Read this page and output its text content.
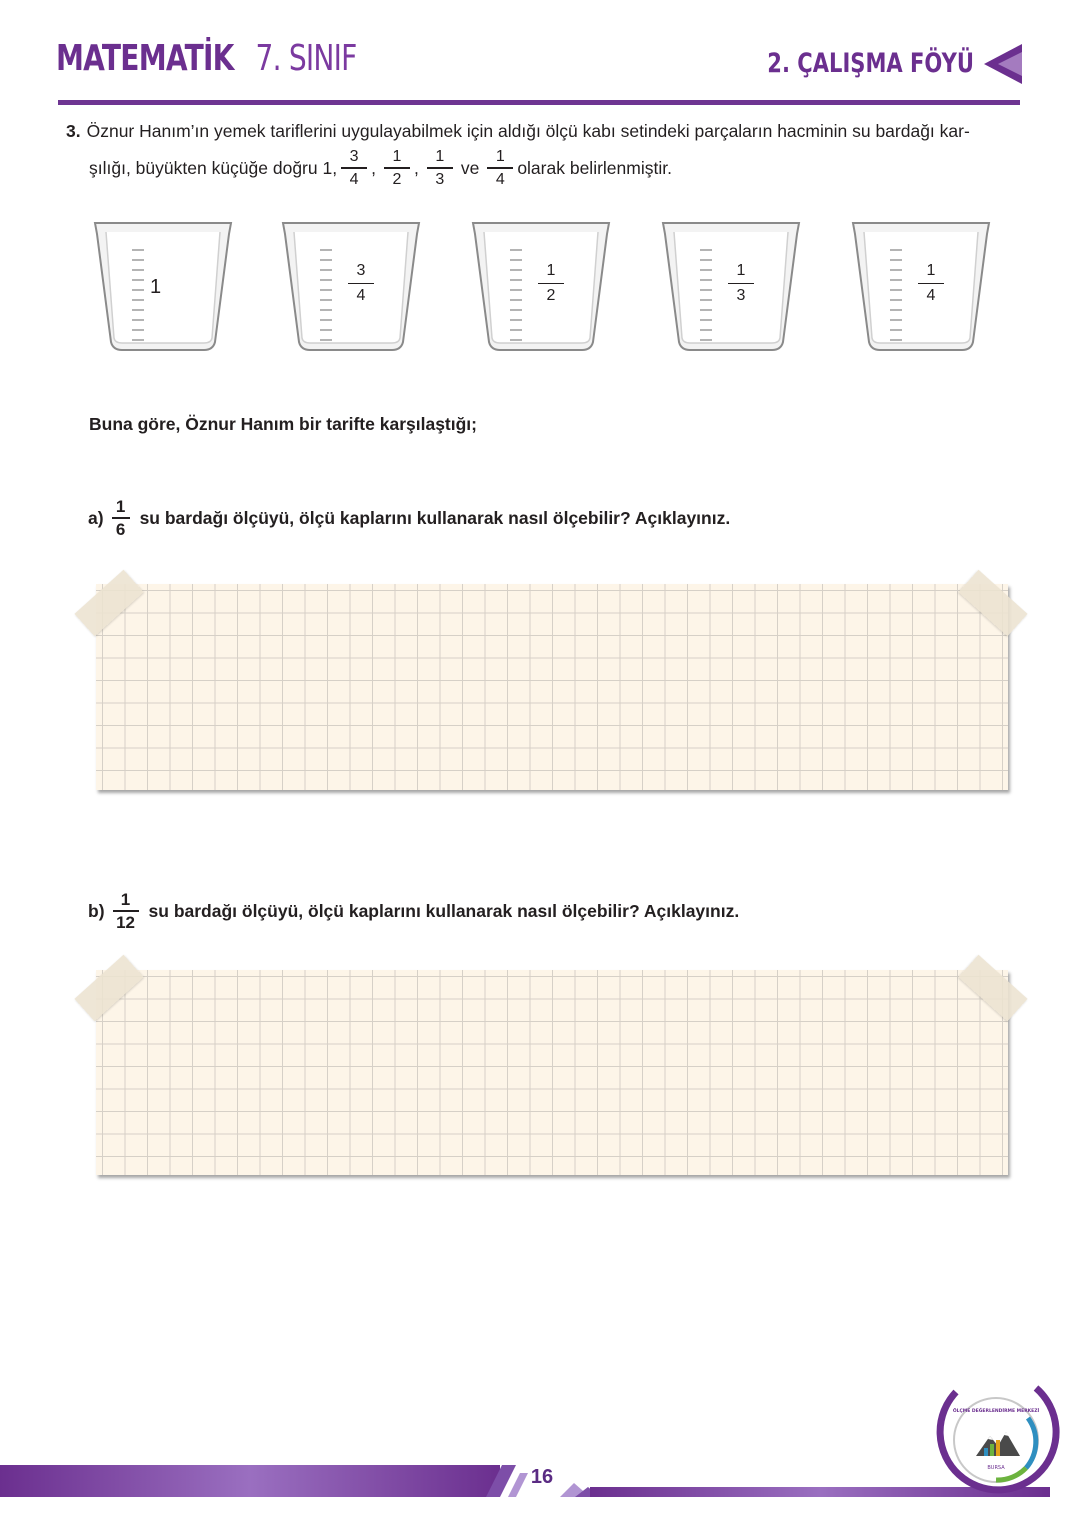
MATEMATİK 7. SINIF	2. ÇALIŞMA FÖYÜ
3. Öznur Hanım’ın yemek tariflerini uygulayabilmek için aldığı ölçü kabı setindeki parçaların hacminin su bardağı kar-
şılığı, büyükten küçüğe doğru 1, $\frac{3}{4}$ , $\frac{1}{2}$ , $\frac{1}{3}$ ve $\frac{1}{4}$ olarak belirlenmiştir.
1
3
4
1
2
1
3
1
4
Buna göre, Öznur Hanım bir tarifte karşılaştığı;
$a) \frac{1}{6}$ su bardağı ölçüyü, ölçü kaplarını kullanarak nasıl ölçebilir? Açıklayınız.
$b) \frac{1}{12}$ su bardağı ölçüyü, ölçü kaplarını kullanarak nasıl ölçebilir? Açıklayınız.
16	BURSA
ÖLÇME DEĞERLENDİRME MERKEZİ
